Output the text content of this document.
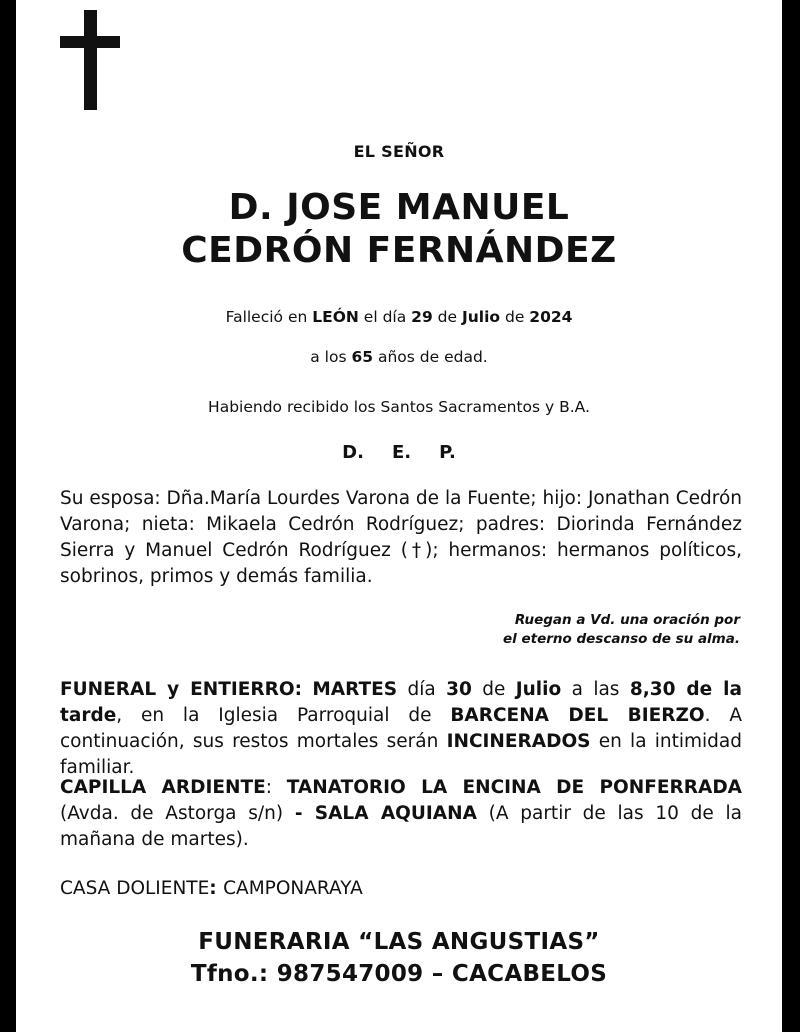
EL SEÑOR
D. JOSE MANUEL
CEDRÓN FERNÁNDEZ
Falleció en LEÓN el día 29 de Julio de 2024
a los 65 años de edad.
Habiendo recibido los Santos Sacramentos y B.A.
D. E. P.
Su esposa: Dña.María Lourdes Varona de la Fuente; hijo: Jonathan Cedrón Varona; nieta: Mikaela Cedrón Rodríguez; padres: Diorinda Fernández Sierra y Manuel Cedrón Rodríguez (†); hermanos: hermanos políticos, sobrinos, primos y demás familia.
Ruegan a Vd. una oración por
el eterno descanso de su alma.
FUNERAL y ENTIERRO: MARTES día 30 de Julio a las 8,30 de la tarde, en la Iglesia Parroquial de BARCENA DEL BIERZO. A continuación, sus restos mortales serán INCINERADOS en la intimidad familiar.
CAPILLA ARDIENTE: TANATORIO LA ENCINA DE PONFERRADA (Avda. de Astorga s/n) - SALA AQUIANA (A partir de las 10 de la mañana de martes).
CASA DOLIENTE: CAMPONARAYA
FUNERARIA “LAS ANGUSTIAS”
Tfno.: 987547009 – CACABELOS
